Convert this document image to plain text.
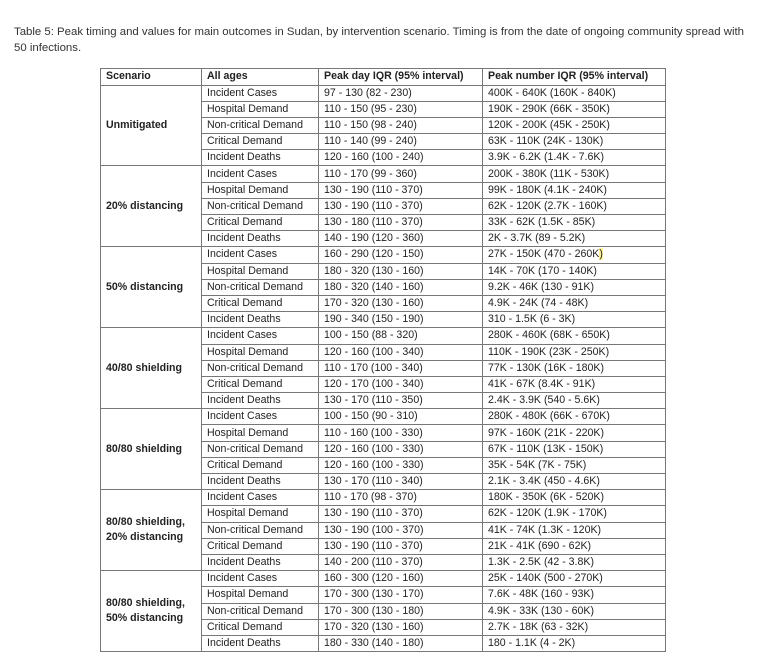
Table 5: Peak timing and values for main outcomes in Sudan, by intervention scenario. Timing is from the date of ongoing community spread with 50 infections.

Scenario	All ages	Peak day IQR (95% interval)	Peak number IQR (95% interval)
Unmitigated	Incident Cases	97 - 130 (82 - 230)	400K - 640K (160K - 840K)
	Hospital Demand	110 - 150 (95 - 230)	190K - 290K (66K - 350K)
	Non-critical Demand	110 - 150 (98 - 240)	120K - 200K (45K - 250K)
	Critical Demand	110 - 140 (99 - 240)	63K - 110K (24K - 130K)
	Incident Deaths	120 - 160 (100 - 240)	3.9K - 6.2K (1.4K - 7.6K)
20% distancing	Incident Cases	110 - 170 (99 - 360)	200K - 380K (11K - 530K)
	Hospital Demand	130 - 190 (110 - 370)	99K - 180K (4.1K - 240K)
	Non-critical Demand	130 - 190 (110 - 370)	62K - 120K (2.7K - 160K)
	Critical Demand	130 - 180 (110 - 370)	33K - 62K (1.5K - 85K)
	Incident Deaths	140 - 190 (120 - 360)	2K - 3.7K (89 - 5.2K)
50% distancing	Incident Cases	160 - 290 (120 - 150)	27K - 150K (470 - 260K)
	Hospital Demand	180 - 320 (130 - 160)	14K - 70K (170 - 140K)
	Non-critical Demand	180 - 320 (140 - 160)	9.2K - 46K (130 - 91K)
	Critical Demand	170 - 320 (130 - 160)	4.9K - 24K (74 - 48K)
	Incident Deaths	190 - 340 (150 - 190)	310 - 1.5K (6 - 3K)
40/80 shielding	Incident Cases	100 - 150 (88 - 320)	280K - 460K (68K - 650K)
	Hospital Demand	120 - 160 (100 - 340)	110K - 190K (23K - 250K)
	Non-critical Demand	110 - 170 (100 - 340)	77K - 130K (16K - 180K)
	Critical Demand	120 - 170 (100 - 340)	41K - 67K (8.4K - 91K)
	Incident Deaths	130 - 170 (110 - 350)	2.4K - 3.9K (540 - 5.6K)
80/80 shielding	Incident Cases	100 - 150 (90 - 310)	280K - 480K (66K - 670K)
	Hospital Demand	110 - 160 (100 - 330)	97K - 160K (21K - 220K)
	Non-critical Demand	120 - 160 (100 - 330)	67K - 110K (13K - 150K)
	Critical Demand	120 - 160 (100 - 330)	35K - 54K (7K - 75K)
	Incident Deaths	130 - 170 (110 - 340)	2.1K - 3.4K (450 - 4.6K)

80/80 shielding,
20% distancing	Incident Cases	110 - 170 (98 - 370)	180K - 350K (6K - 520K)
	Hospital Demand	130 - 190 (110 - 370)	62K - 120K (1.9K - 170K)
	Non-critical Demand	130 - 190 (100 - 370)	41K - 74K (1.3K - 120K)
	Critical Demand	130 - 190 (110 - 370)	21K - 41K (690 - 62K)
	Incident Deaths	140 - 200 (110 - 370)	1.3K - 2.5K (42 - 3.8K)

80/80 shielding,
50% distancing	Incident Cases	160 - 300 (120 - 160)	25K - 140K (500 - 270K)
	Hospital Demand	170 - 300 (130 - 170)	7.6K - 48K (160 - 93K)
	Non-critical Demand	170 - 300 (130 - 180)	4.9K - 33K (130 - 60K)
	Critical Demand	170 - 320 (130 - 160)	2.7K - 18K (63 - 32K)
	Incident Deaths	180 - 330 (140 - 180)	180 - 1.1K (4 - 2K)
